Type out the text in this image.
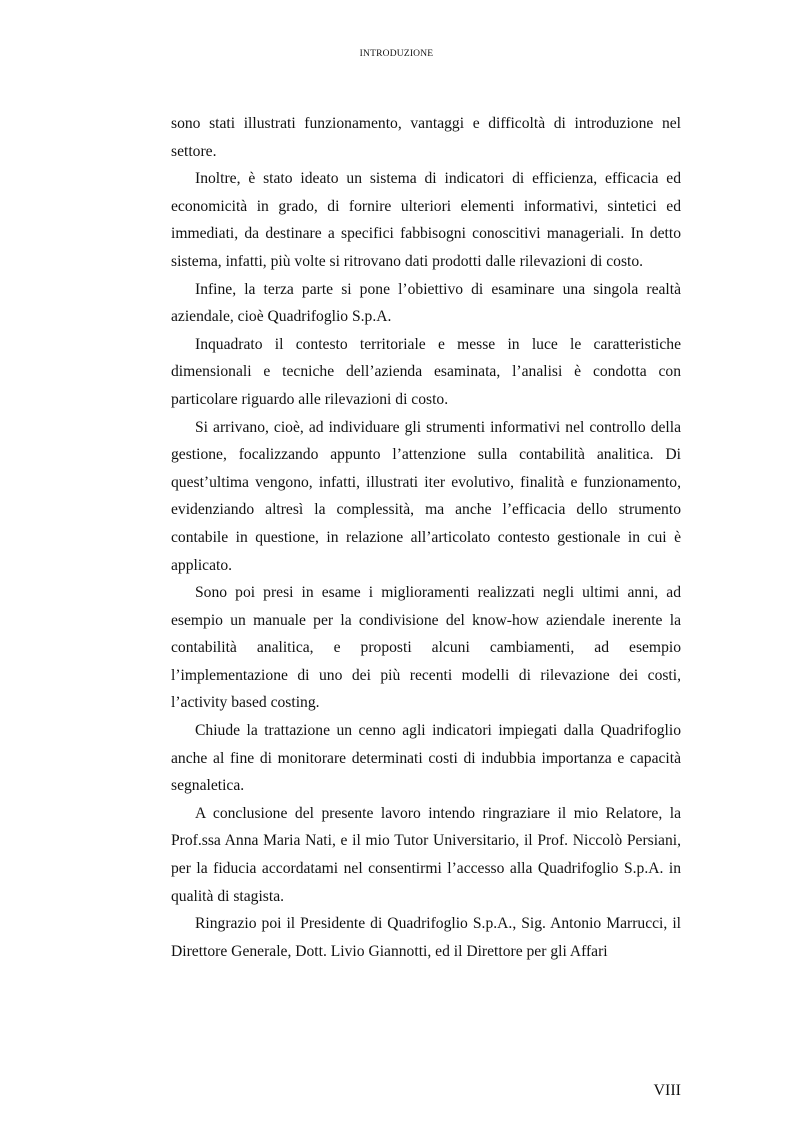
INTRODUZIONE

sono stati illustrati funzionamento, vantaggi e difficoltà di introduzione nel settore.

Inoltre, è stato ideato un sistema di indicatori di efficienza, efficacia ed economicità in grado, di fornire ulteriori elementi informativi, sintetici ed immediati, da destinare a specifici fabbisogni conoscitivi manageriali. In detto sistema, infatti, più volte si ritrovano dati prodotti dalle rilevazioni di costo.

Infine, la terza parte si pone l’obiettivo di esaminare una singola realtà aziendale, cioè Quadrifoglio S.p.A.

Inquadrato il contesto territoriale e messe in luce le caratteristiche dimensionali e tecniche dell’azienda esaminata, l’analisi è condotta con particolare riguardo alle rilevazioni di costo.

Si arrivano, cioè, ad individuare gli strumenti informativi nel controllo della gestione, focalizzando appunto l’attenzione sulla contabilità analitica. Di quest’ultima vengono, infatti, illustrati iter evolutivo, finalità e funzionamento, evidenziando altresì la complessità, ma anche l’efficacia dello strumento contabile in questione, in relazione all’articolato contesto gestionale in cui è applicato.

Sono poi presi in esame i miglioramenti realizzati negli ultimi anni, ad esempio un manuale per la condivisione del know-how aziendale inerente la contabilità analitica, e proposti alcuni cambiamenti, ad esempio l’implementazione di uno dei più recenti modelli di rilevazione dei costi, l’activity based costing.

Chiude la trattazione un cenno agli indicatori impiegati dalla Quadrifoglio anche al fine di monitorare determinati costi di indubbia importanza e capacità segnaletica.

A conclusione del presente lavoro intendo ringraziare il mio Relatore, la Prof.ssa Anna Maria Nati, e il mio Tutor Universitario, il Prof. Niccolò Persiani, per la fiducia accordatami nel consentirmi l’accesso alla Quadrifoglio S.p.A. in qualità di stagista.

Ringrazio poi il Presidente di Quadrifoglio S.p.A., Sig. Antonio Marrucci, il Direttore Generale, Dott. Livio Giannotti, ed il Direttore per gli Affari

VIII
